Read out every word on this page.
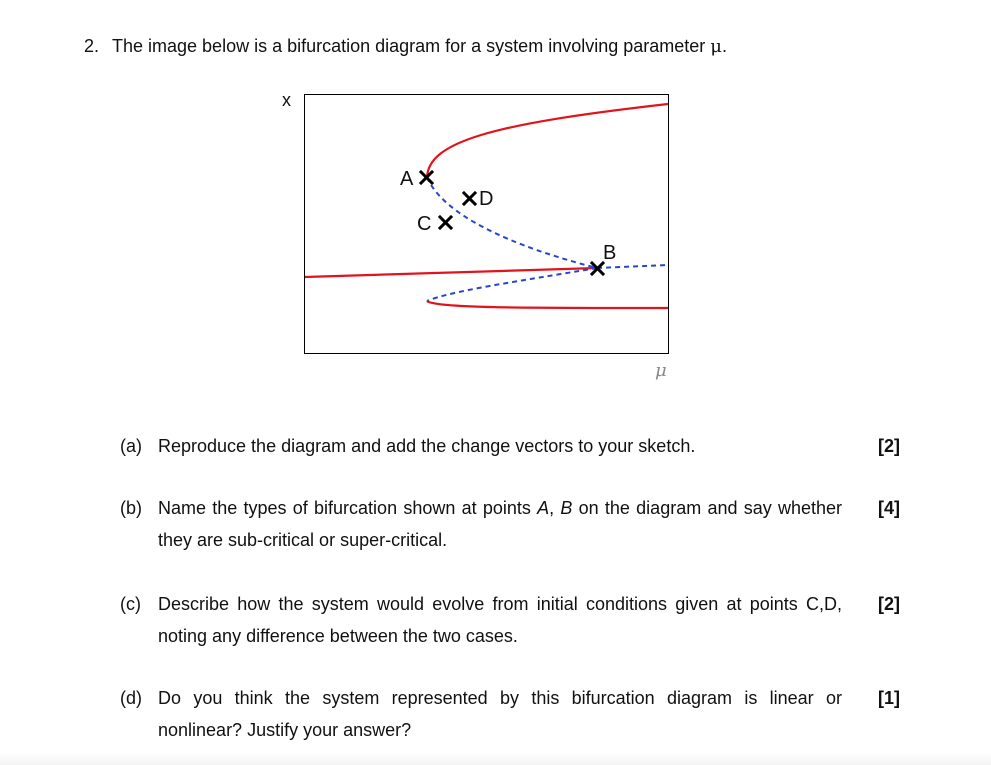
2. The image below is a bifurcation diagram for a system involving parameter μ.
x
μ
A
D
C
B
(a) Reproduce the diagram and add the change vectors to your sketch.	[2]
(b) Name the types of bifurcation shown at points A, B on the diagram and say whether they are sub-critical or super-critical.
[4]
(c) Describe how the system would evolve from initial conditions given at points C,D, noting any difference between the two cases.
[2]
(d) Do you think the system represented by this bifurcation diagram is linear or nonlinear? Justify your answer?
[1]
